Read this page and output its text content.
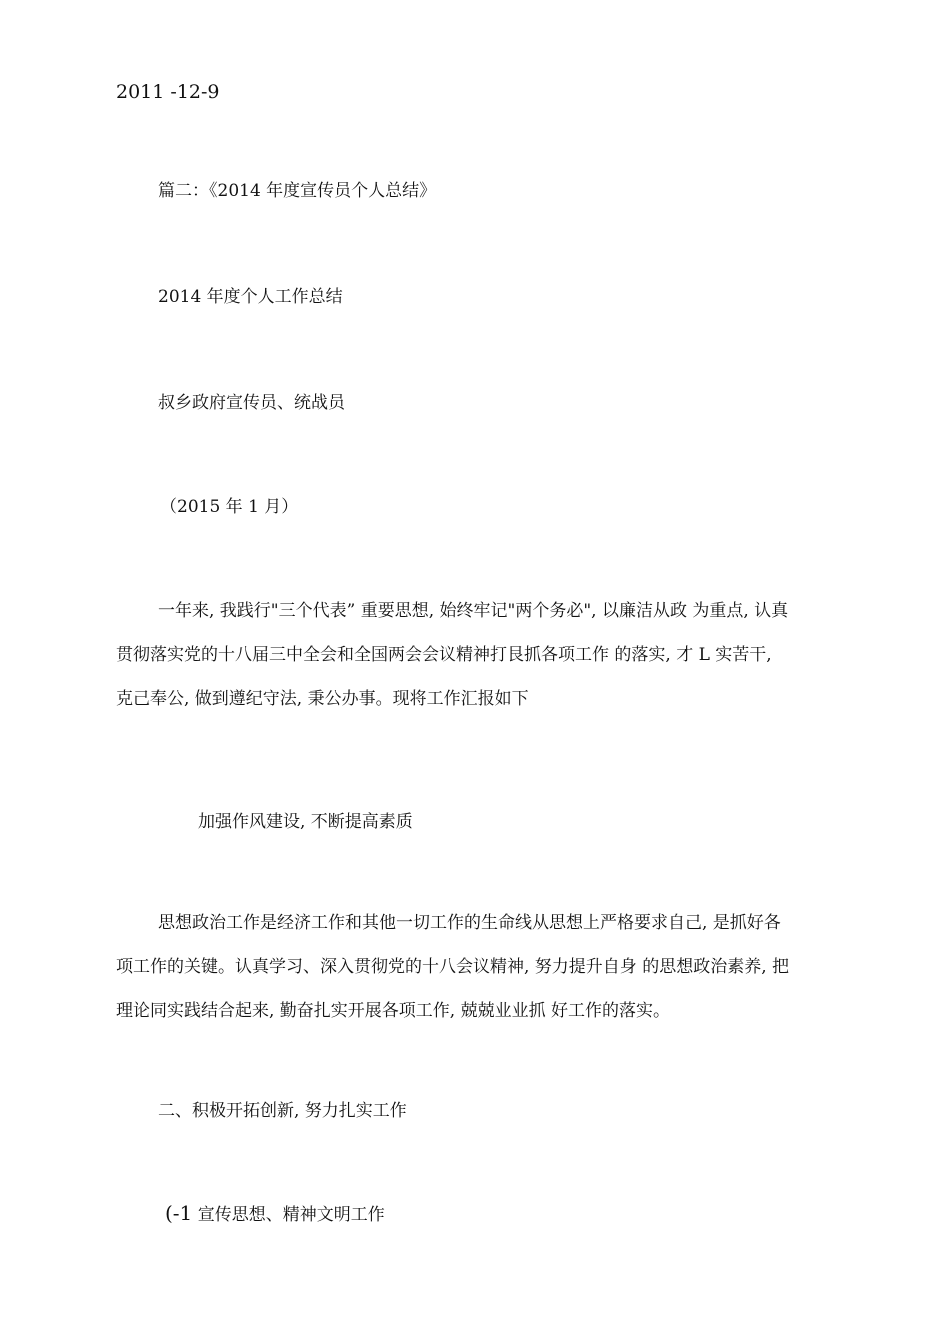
2011 -12-9
篇二：《2014 年度宣传员个人总结》
2014 年度个人工作总结
叔乡政府宣传员、统战员
（2015 年 1 月）
一年来, 我践行"三个代表” 重要思想, 始终牢记"两个务必", 以廉洁从政 为重点, 认真
贯彻落实党的十八届三中全会和全国两会会议精神打艮抓各项工作 的落实, 才 L 实苦干,
克己奉公, 做到遵纪守法, 秉公办事。现将工作汇报如下
加强作风建设, 不断提高素质
思想政治工作是经济工作和其他一切工作的生命线从思想上严格要求自己, 是抓好各
项工作的关键。认真学习、深入贯彻党的十八会议精神, 努力提升自身 的思想政治素养, 把
理论同实践结合起来, 勤奋扎实开展各项工作, 兢兢业业抓 好工作的落实。
二、积极开拓创新, 努力扎实工作
(-1 宣传思想、精神文明工作
